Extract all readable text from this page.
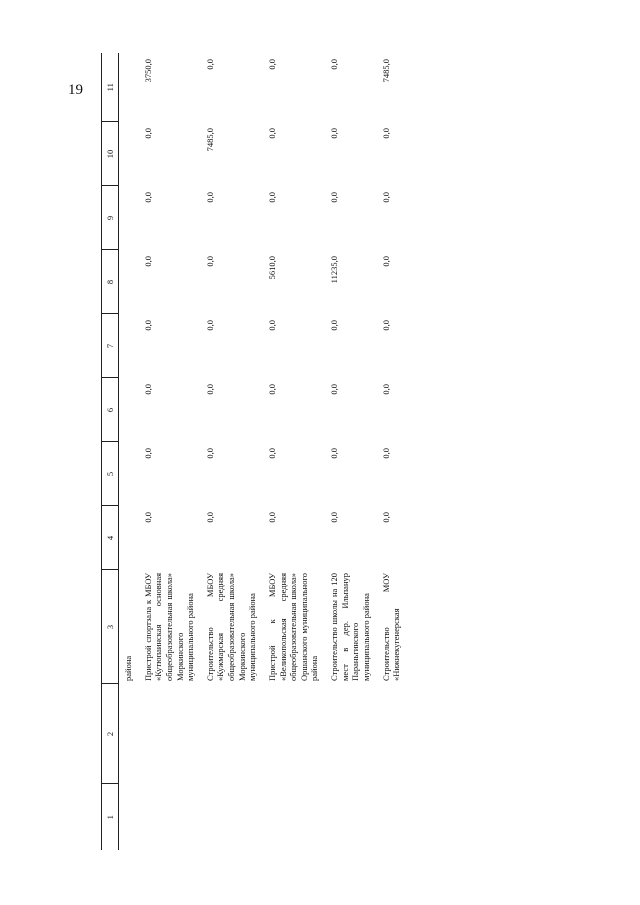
19
1	2	3	4	5	6	7	8	9	10	11
		района								
		Пристрой спортзала к МБОУ «Кутюпаинская основная общеобразовательная школа» Моркинского муниципального района	0,0	0,0	0,0	0,0	0,0	0,0	0,0	3750,0
		Строительство МБОУ «Кужмарская средняя общеобразовательная школа» Моркинского муниципального района	0,0	0,0	0,0	0,0	0,0	0,0	7485,0	0,0
		Пристрой к МБОУ «Великопольская средняя общеобразовательная школа» Оршанского муниципального района	0,0	0,0	0,0	0,0	5610,0	0,0	0,0	0,0
		Строительство школы на 120 мест в дер. Ильпанур Параньгинского муниципального района	0,0	0,0	0,0	0,0	11235,0	0,0	0,0	0,0
		Строительство МОУ «Нижнекугенерская	0,0	0,0	0,0	0,0	0,0	0,0	0,0	7485,0
